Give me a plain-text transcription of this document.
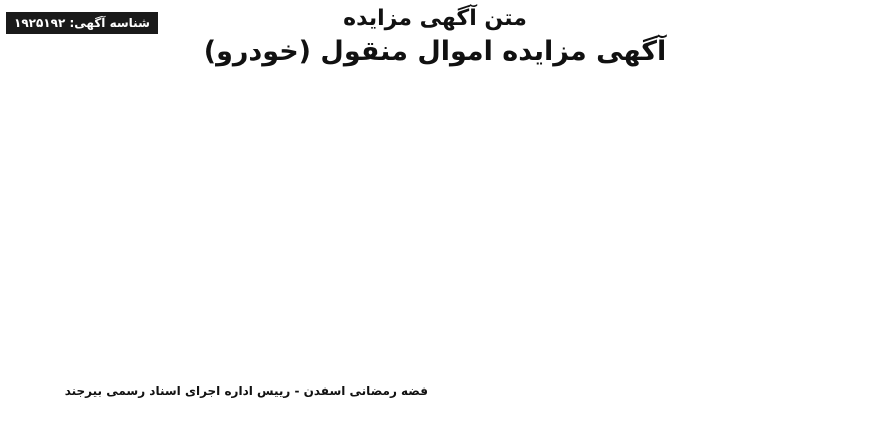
شناسه آگهی: ۱۹۲۵۱۹۲	متن آگهی مزایده
آگهی مزایده اموال منقول (خودرو)
فضه رمضانی اسفدن - رییس اداره اجرای اسناد رسمی بیرجند
